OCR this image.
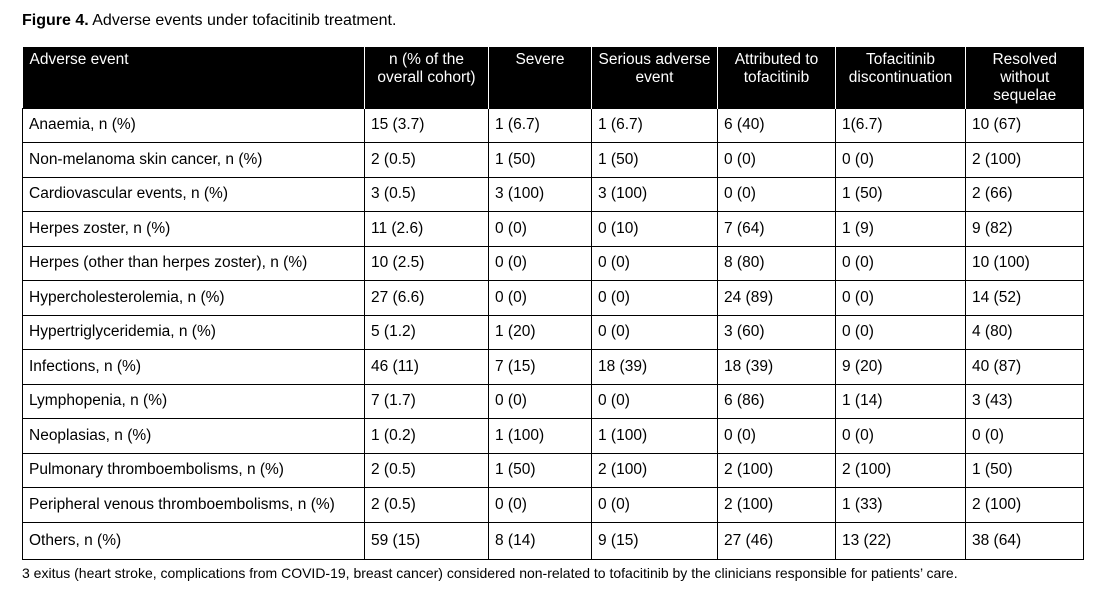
Figure 4. Adverse events under tofacitinib treatment.
Adverse event	n (% of the overall cohort)	Severe	Serious adverse event	Attributed to tofacitinib	Tofacitinib discontinuation	Resolved without sequelae
Anaemia, n (%)	15 (3.7)	1 (6.7)	1 (6.7)	6 (40)	1(6.7)	10 (67)
Non-melanoma skin cancer, n (%)	2 (0.5)	1 (50)	1 (50)	0 (0)	0 (0)	2 (100)
Cardiovascular events, n (%)	3 (0.5)	3 (100)	3 (100)	0 (0)	1 (50)	2 (66)
Herpes zoster, n (%)	11 (2.6)	0 (0)	0 (10)	7 (64)	1 (9)	9 (82)
Herpes (other than herpes zoster), n (%)	10 (2.5)	0 (0)	0 (0)	8 (80)	0 (0)	10 (100)
Hypercholesterolemia, n (%)	27 (6.6)	0 (0)	0 (0)	24 (89)	0 (0)	14 (52)
Hypertriglyceridemia, n (%)	5 (1.2)	1 (20)	0 (0)	3 (60)	0 (0)	4 (80)
Infections, n (%)	46 (11)	7 (15)	18 (39)	18 (39)	9 (20)	40 (87)
Lymphopenia, n (%)	7 (1.7)	0 (0)	0 (0)	6 (86)	1 (14)	3 (43)
Neoplasias, n (%)	1 (0.2)	1 (100)	1 (100)	0 (0)	0 (0)	0 (0)
Pulmonary thromboembolisms, n (%)	2 (0.5)	1 (50)	2 (100)	2 (100)	2 (100)	1 (50)
Peripheral venous thromboembolisms, n (%)	2 (0.5)	0 (0)	0 (0)	2 (100)	1 (33)	2 (100)
Others, n (%)	59 (15)	8 (14)	9 (15)	27 (46)	13 (22)	38 (64)
3 exitus (heart stroke, complications from COVID-19, breast cancer) considered non-related to tofacitinib by the clinicians responsible for patients’ care.
